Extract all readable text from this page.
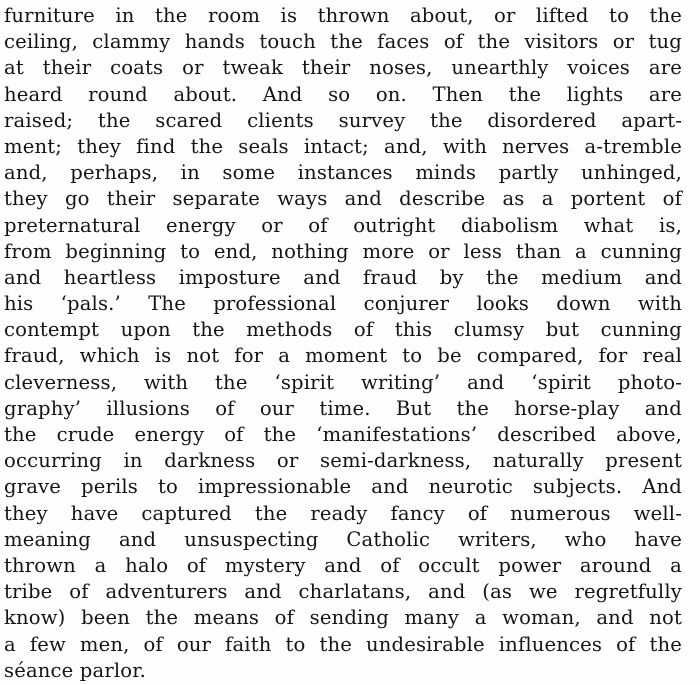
furniture in the room is thrown about, or lifted to the
ceiling, clammy hands touch the faces of the visitors or tug
at their coats or tweak their noses, unearthly voices are
heard round about. And so on. Then the lights are
raised; the scared clients survey the disordered apart-
ment; they find the seals intact; and, with nerves a-tremble
and, perhaps, in some instances minds partly unhinged,
they go their separate ways and describe as a portent of
preternatural energy or of outright diabolism what is,
from beginning to end, nothing more or less than a cunning
and heartless imposture and fraud by the medium and
his ‘pals.’ The professional conjurer looks down with
contempt upon the methods of this clumsy but cunning
fraud, which is not for a moment to be compared, for real
cleverness, with the ‘spirit writing’ and ‘spirit photo-
graphy’ illusions of our time. But the horse-play and
the crude energy of the ‘manifestations’ described above,
occurring in darkness or semi-darkness, naturally present
grave perils to impressionable and neurotic subjects. And
they have captured the ready fancy of numerous well-
meaning and unsuspecting Catholic writers, who have
thrown a halo of mystery and of occult power around a
tribe of adventurers and charlatans, and (as we regretfully
know) been the means of sending many a woman, and not
a few men, of our faith to the undesirable influences of the
séance parlor.
